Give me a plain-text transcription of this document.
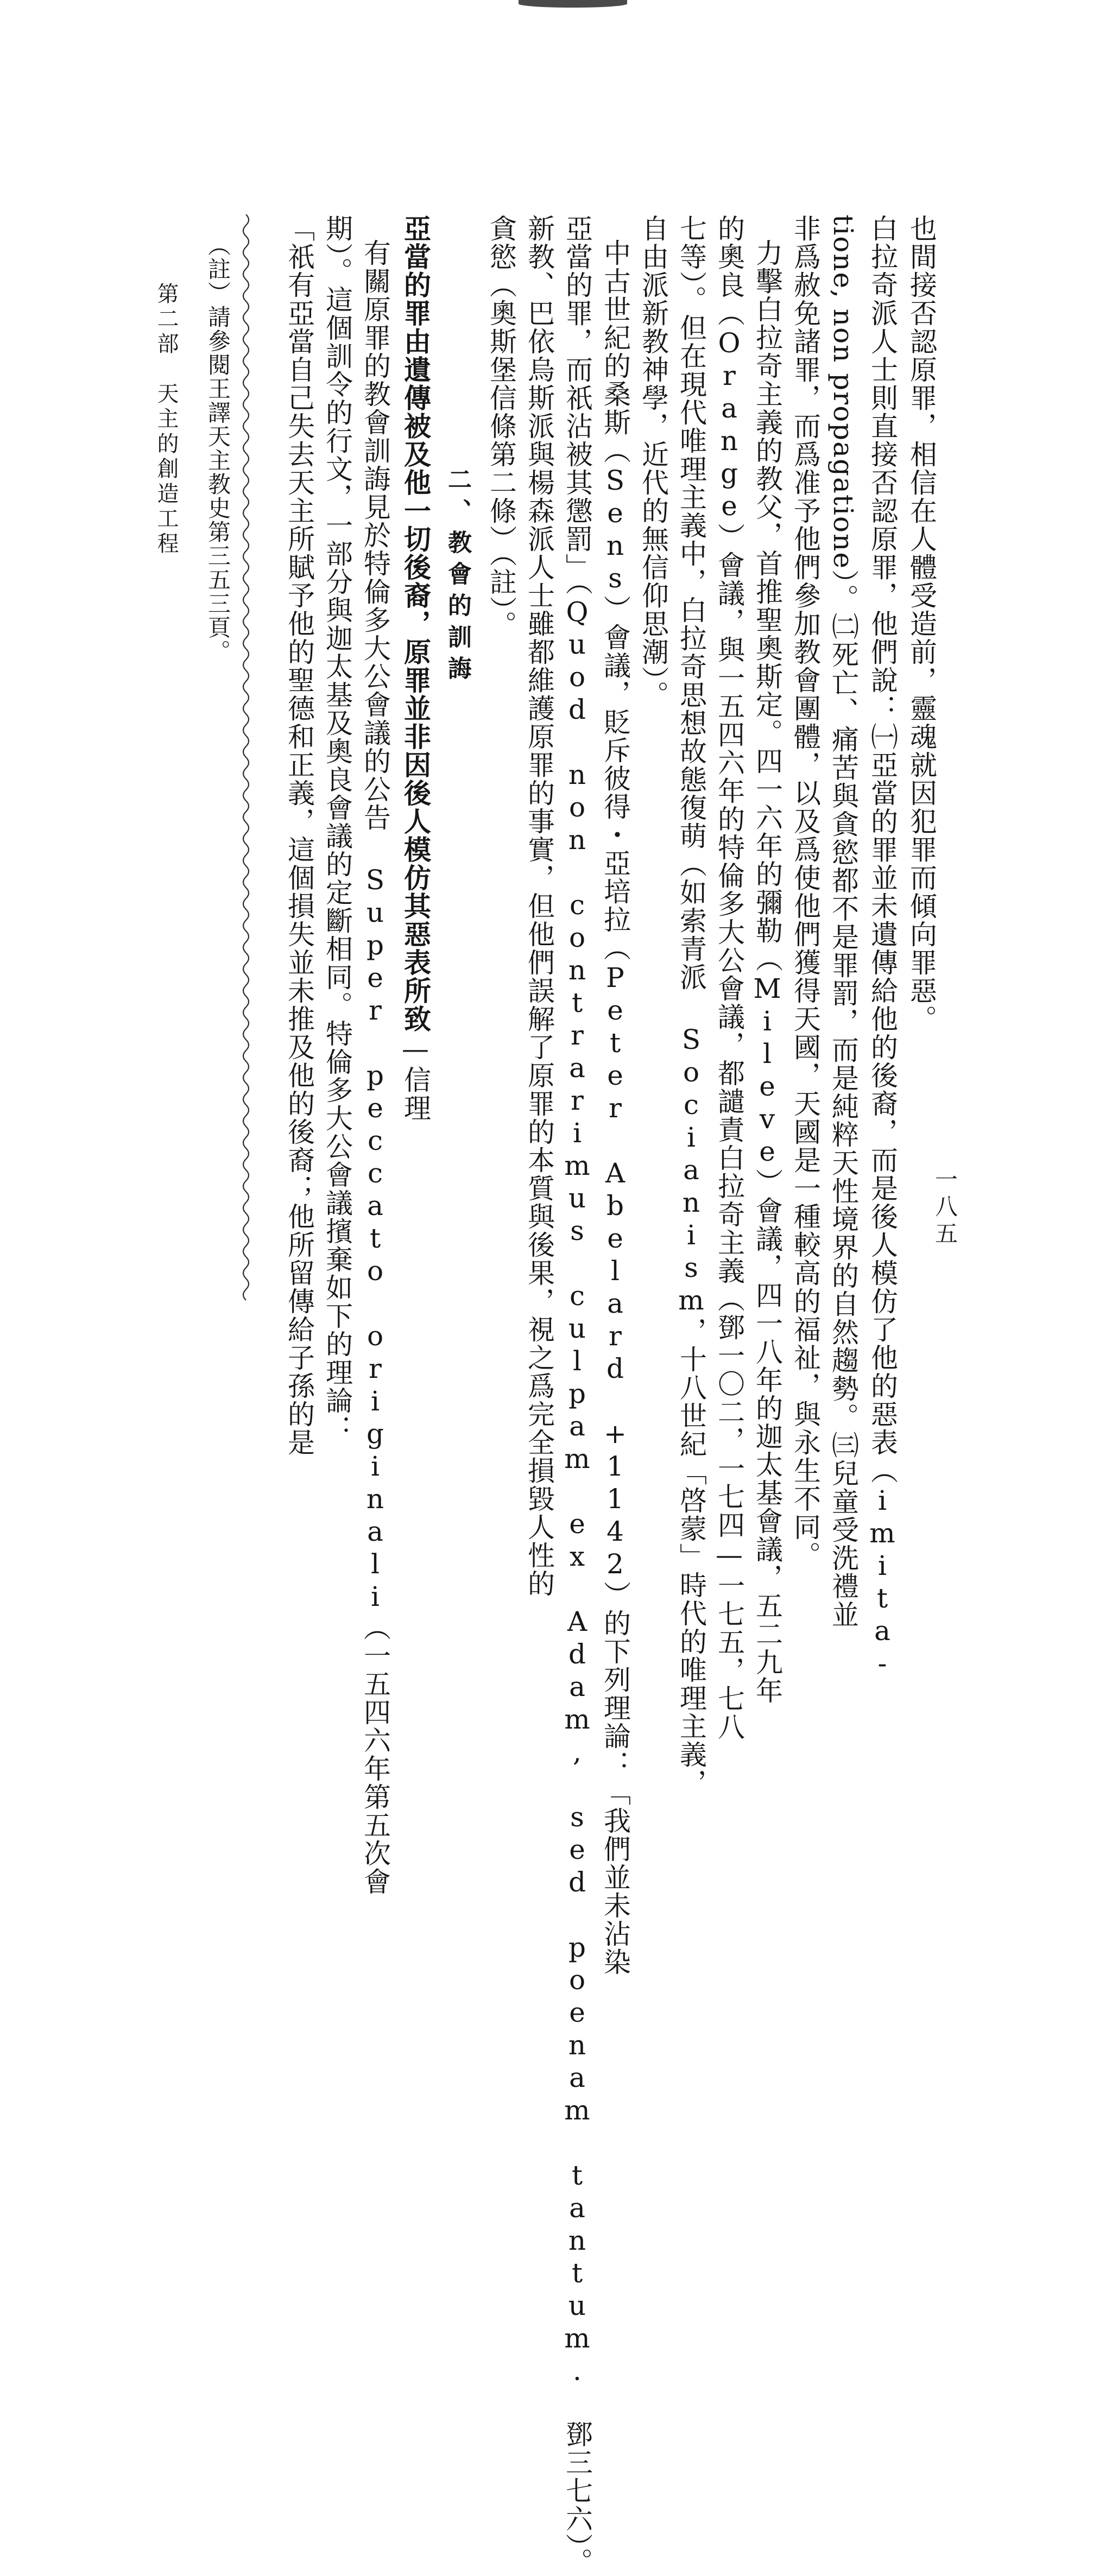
也間接否認原罪，相信在人體受造前，靈魂就因犯罪而傾向罪惡。
白拉奇派人士則直接否認原罪，他們說：㈠亞當的罪並未遺傳給他的後裔，而是後人模仿了他的惡表（imita-
tione, non propagatione）。㈡死亡、痛苦與貪慾都不是罪罰，而是純粹天性境界的自然趨勢。㈢兒童受洗禮並
非爲赦免諸罪，而爲准予他們參加教會團體，以及爲使他們獲得天國，天國是一種較高的福祉，與永生不同。
力擊白拉奇主義的教父，首推聖奧斯定。四一六年的彌勒（Mileve）會議，四一八年的迦太基會議，五二九年
的奧良（Orange）會議，與一五四六年的特倫多大公會議，都譴責白拉奇主義（鄧一〇二，一七四—一七五，七八
七等）。但在現代唯理主義中，白拉奇思想故態復萌（如索青派 Socianism，十八世紀「啓蒙」時代的唯理主義，
自由派新教神學，近代的無信仰思潮）。
中古世紀的桑斯（Sens）會議，貶斥彼得・亞培拉（Peter Abelard +1142）的下列理論：「我們並未沾染
亞當的罪，而祇沾被其懲罰」（Quod non contrarimus culpam ex Adam, sed poenam tantum. 鄧三七六）。
新教、巴依烏斯派與楊森派人士雖都維護原罪的事實，但他們誤解了原罪的本質與後果，視之爲完全損毀人性的
貪慾（奧斯堡信條第二條）（註）。
二、教會的訓誨
亞當的罪由遺傳被及他一切後裔，原罪並非因後人模仿其惡表所致—信理
有關原罪的教會訓誨見於特倫多大公會議的公告 Super peccato originali（一五四六年第五次會
期）。這個訓令的行文，一部分與迦太基及奧良會議的定斷相同。特倫多大公會議擯棄如下的理論：
「祇有亞當自己失去天主所賦予他的聖德和正義，這個損失並未推及他的後裔；他所留傳給子孫的是
（註）請參閱王譯天主教史第三五三頁。
第二部　天主的創造工程
一八五
